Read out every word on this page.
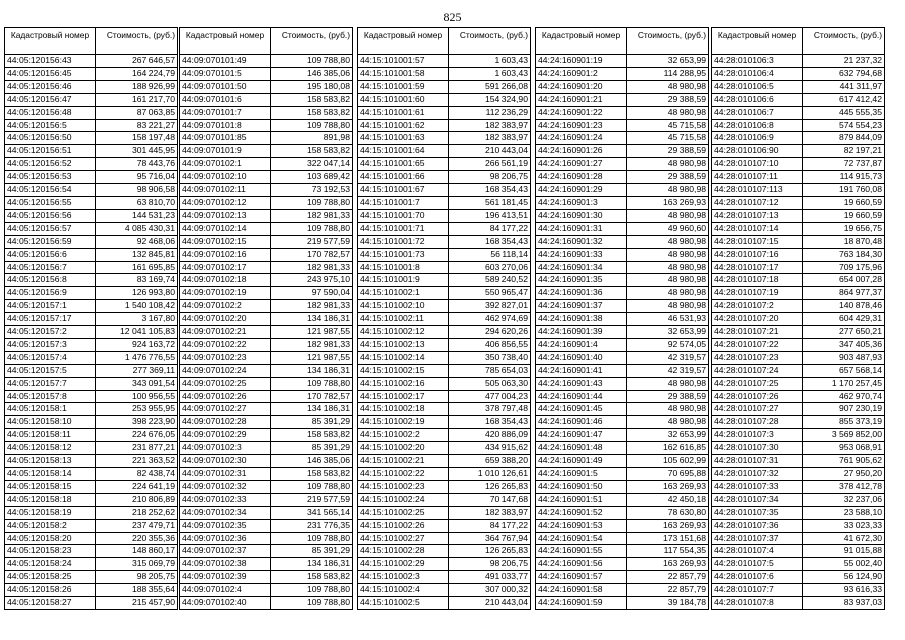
825
Кадастровый номер	Стоимость, (руб.)
44:05:120156:43	267 646,57
44:05:120156:45	164 224,79
44:05:120156:46	188 926,99
44:05:120156:47	161 217,70
44:05:120156:48	87 063,85
44:05:120156:5	83 221,27
44:05:120156:50	158 197,48
44:05:120156:51	301 445,95
44:05:120156:52	78 443,76
44:05:120156:53	95 716,04
44:05:120156:54	98 906,58
44:05:120156:55	63 810,70
44:05:120156:56	144 531,23
44:05:120156:57	4 085 430,31
44:05:120156:59	92 468,06
44:05:120156:6	132 845,81
44:05:120156:7	161 695,85
44:05:120156:8	83 169,74
44:05:120156:9	126 993,80
44:05:120157:1	1 540 108,42
44:05:120157:17	3 167,80
44:05:120157:2	12 041 105,83
44:05:120157:3	924 163,72
44:05:120157:4	1 476 776,55
44:05:120157:5	277 369,11
44:05:120157:7	343 091,54
44:05:120157:8	100 956,55
44:05:120158:1	253 955,95
44:05:120158:10	398 223,90
44:05:120158:11	224 676,05
44:05:120158:12	231 877,21
44:05:120158:13	221 363,52
44:05:120158:14	82 438,74
44:05:120158:15	224 641,19
44:05:120158:18	210 806,89
44:05:120158:19	218 252,62
44:05:120158:2	237 479,71
44:05:120158:20	220 355,36
44:05:120158:23	148 860,17
44:05:120158:24	315 069,79
44:05:120158:25	98 205,75
44:05:120158:26	188 355,64
44:05:120158:27	215 457,90
Кадастровый номер	Стоимость, (руб.)
44:09:070101:49	109 788,80
44:09:070101:5	146 385,06
44:09:070101:50	195 180,08
44:09:070101:6	158 583,82
44:09:070101:7	158 583,82
44:09:070101:8	109 788,80
44:09:070101:85	891,98
44:09:070101:9	158 583,82
44:09:070102:1	322 047,14
44:09:070102:10	103 689,42
44:09:070102:11	73 192,53
44:09:070102:12	109 788,80
44:09:070102:13	182 981,33
44:09:070102:14	109 788,80
44:09:070102:15	219 577,59
44:09:070102:16	170 782,57
44:09:070102:17	182 981,33
44:09:070102:18	243 975,10
44:09:070102:19	97 590,04
44:09:070102:2	182 981,33
44:09:070102:20	134 186,31
44:09:070102:21	121 987,55
44:09:070102:22	182 981,33
44:09:070102:23	121 987,55
44:09:070102:24	134 186,31
44:09:070102:25	109 788,80
44:09:070102:26	170 782,57
44:09:070102:27	134 186,31
44:09:070102:28	85 391,29
44:09:070102:29	158 583,82
44:09:070102:3	85 391,29
44:09:070102:30	146 385,06
44:09:070102:31	158 583,82
44:09:070102:32	109 788,80
44:09:070102:33	219 577,59
44:09:070102:34	341 565,14
44:09:070102:35	231 776,35
44:09:070102:36	109 788,80
44:09:070102:37	85 391,29
44:09:070102:38	134 186,31
44:09:070102:39	158 583,82
44:09:070102:4	109 788,80
44:09:070102:40	109 788,80
Кадастровый номер	Стоимость, (руб.)
44:15:101001:57	1 603,43
44:15:101001:58	1 603,43
44:15:101001:59	591 266,08
44:15:101001:60	154 324,90
44:15:101001:61	112 236,29
44:15:101001:62	182 383,97
44:15:101001:63	182 383,97
44:15:101001:64	210 443,04
44:15:101001:65	266 561,19
44:15:101001:66	98 206,75
44:15:101001:67	168 354,43
44:15:101001:7	561 181,45
44:15:101001:70	196 413,51
44:15:101001:71	84 177,22
44:15:101001:72	168 354,43
44:15:101001:73	56 118,14
44:15:101001:8	603 270,06
44:15:101001:9	589 240,52
44:15:101002:1	550 965,47
44:15:101002:10	392 827,01
44:15:101002:11	462 974,69
44:15:101002:12	294 620,26
44:15:101002:13	406 856,55
44:15:101002:14	350 738,40
44:15:101002:15	785 654,03
44:15:101002:16	505 063,30
44:15:101002:17	477 004,23
44:15:101002:18	378 797,48
44:15:101002:19	168 354,43
44:15:101002:2	420 886,09
44:15:101002:20	434 915,62
44:15:101002:21	659 388,20
44:15:101002:22	1 010 126,61
44:15:101002:23	126 265,83
44:15:101002:24	70 147,68
44:15:101002:25	182 383,97
44:15:101002:26	84 177,22
44:15:101002:27	364 767,94
44:15:101002:28	126 265,83
44:15:101002:29	98 206,75
44:15:101002:3	491 033,77
44:15:101002:4	307 000,32
44:15:101002:5	210 443,04
Кадастровый номер	Стоимость, (руб.)
44:24:160901:19	32 653,99
44:24:160901:2	114 288,95
44:24:160901:20	48 980,98
44:24:160901:21	29 388,59
44:24:160901:22	48 980,98
44:24:160901:23	45 715,58
44:24:160901:24	45 715,58
44:24:160901:26	29 388,59
44:24:160901:27	48 980,98
44:24:160901:28	29 388,59
44:24:160901:29	48 980,98
44:24:160901:3	163 269,93
44:24:160901:30	48 980,98
44:24:160901:31	49 960,60
44:24:160901:32	48 980,98
44:24:160901:33	48 980,98
44:24:160901:34	48 980,98
44:24:160901:35	48 980,98
44:24:160901:36	48 980,98
44:24:160901:37	48 980,98
44:24:160901:38	46 531,93
44:24:160901:39	32 653,99
44:24:160901:4	92 574,05
44:24:160901:40	42 319,57
44:24:160901:41	42 319,57
44:24:160901:43	48 980,98
44:24:160901:44	29 388,59
44:24:160901:45	48 980,98
44:24:160901:46	48 980,98
44:24:160901:47	32 653,99
44:24:160901:48	162 616,85
44:24:160901:49	105 602,99
44:24:160901:5	70 695,88
44:24:160901:50	163 269,93
44:24:160901:51	42 450,18
44:24:160901:52	78 630,80
44:24:160901:53	163 269,93
44:24:160901:54	173 151,68
44:24:160901:55	117 554,35
44:24:160901:56	163 269,93
44:24:160901:57	22 857,79
44:24:160901:58	22 857,79
44:24:160901:59	39 184,78
Кадастровый номер	Стоимость, (руб.)
44:28:010106:3	21 237,32
44:28:010106:4	632 794,68
44:28:010106:5	441 311,97
44:28:010106:6	617 412,42
44:28:010106:7	445 555,35
44:28:010106:8	574 554,23
44:28:010106:9	879 844,09
44:28:010106:90	82 197,21
44:28:010107:10	72 737,87
44:28:010107:11	114 915,73
44:28:010107:113	191 760,08
44:28:010107:12	19 660,59
44:28:010107:13	19 660,59
44:28:010107:14	19 656,75
44:28:010107:15	18 870,48
44:28:010107:16	763 184,30
44:28:010107:17	709 175,96
44:28:010107:18	654 007,28
44:28:010107:19	864 977,37
44:28:010107:2	140 878,46
44:28:010107:20	604 429,31
44:28:010107:21	277 650,21
44:28:010107:22	347 405,36
44:28:010107:23	903 487,93
44:28:010107:24	657 568,14
44:28:010107:25	1 170 257,45
44:28:010107:26	462 970,74
44:28:010107:27	907 230,19
44:28:010107:28	855 373,19
44:28:010107:3	3 569 852,00
44:28:010107:30	953 068,91
44:28:010107:31	761 905,62
44:28:010107:32	27 950,20
44:28:010107:33	378 412,78
44:28:010107:34	32 237,06
44:28:010107:35	23 588,10
44:28:010107:36	33 023,33
44:28:010107:37	41 672,30
44:28:010107:4	91 015,88
44:28:010107:5	55 002,40
44:28:010107:6	56 124,90
44:28:010107:7	93 616,33
44:28:010107:8	83 937,03
